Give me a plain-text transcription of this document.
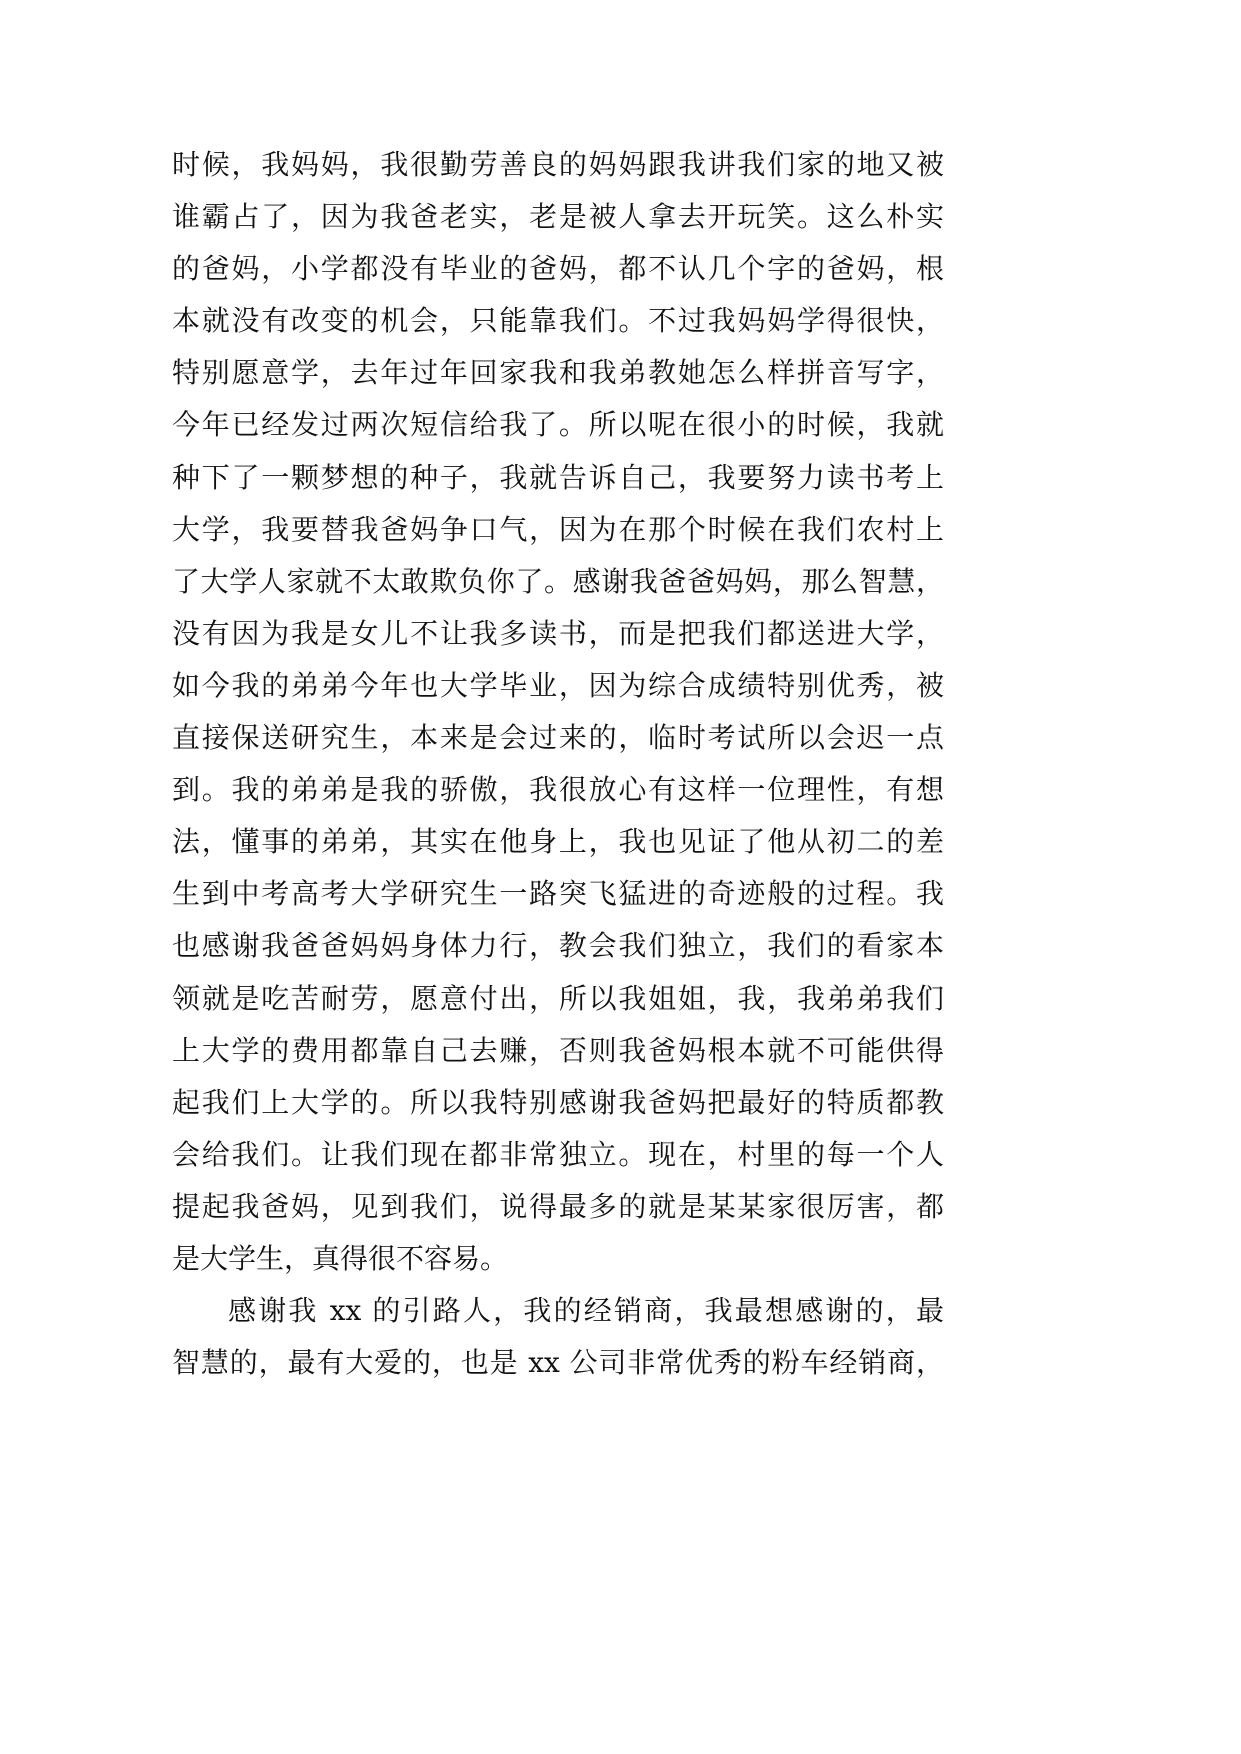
时候，我妈妈，我很勤劳善良的妈妈跟我讲我们家的地又被
谁霸占了，因为我爸老实，老是被人拿去开玩笑。这么朴实
的爸妈，小学都没有毕业的爸妈，都不认几个字的爸妈，根
本就没有改变的机会，只能靠我们。不过我妈妈学得很快，
特别愿意学，去年过年回家我和我弟教她怎么样拼音写字，
今年已经发过两次短信给我了。所以呢在很小的时候，我就
种下了一颗梦想的种子，我就告诉自己，我要努力读书考上
大学，我要替我爸妈争口气，因为在那个时候在我们农村上
了大学人家就不太敢欺负你了。感谢我爸爸妈妈，那么智慧，
没有因为我是女儿不让我多读书，而是把我们都送进大学，
如今我的弟弟今年也大学毕业，因为综合成绩特别优秀，被
直接保送研究生，本来是会过来的，临时考试所以会迟一点
到。我的弟弟是我的骄傲，我很放心有这样一位理性，有想
法，懂事的弟弟，其实在他身上，我也见证了他从初二的差
生到中考高考大学研究生一路突飞猛进的奇迹般的过程。我
也感谢我爸爸妈妈身体力行，教会我们独立，我们的看家本
领就是吃苦耐劳，愿意付出，所以我姐姐，我，我弟弟我们
上大学的费用都靠自己去赚，否则我爸妈根本就不可能供得
起我们上大学的。所以我特别感谢我爸妈把最好的特质都教
会给我们。让我们现在都非常独立。现在，村里的每一个人
提起我爸妈，见到我们，说得最多的就是某某家很厉害，都
是大学生，真得很不容易。
感谢我 xx 的引路人，我的经销商，我最想感谢的，最
智慧的，最有大爱的，也是 xx 公司非常优秀的粉车经销商，
